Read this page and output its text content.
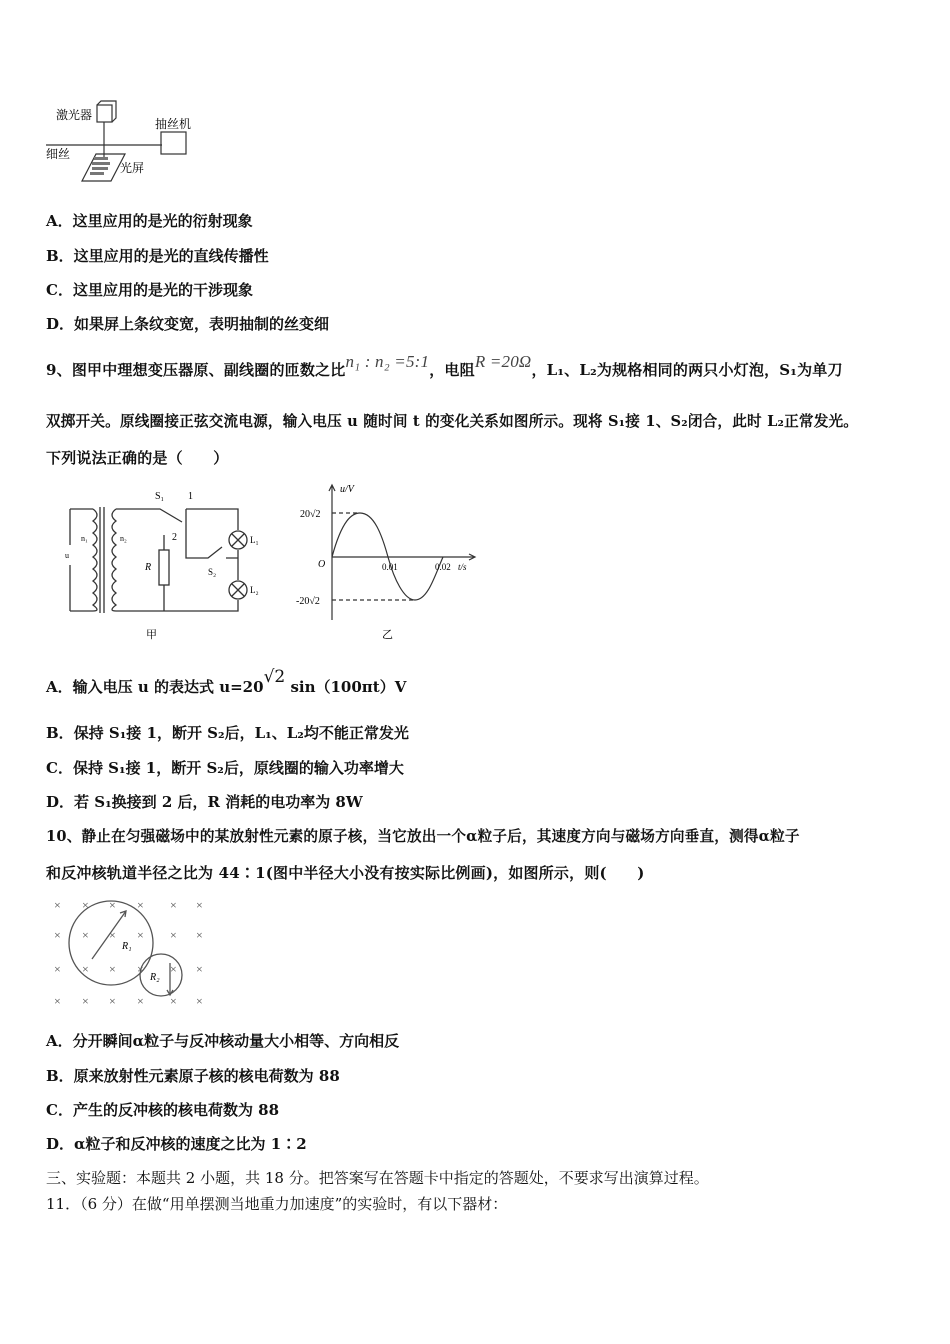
激光器
抽丝机
细丝
光屏
A．这里应用的是光的衍射现象
B．这里应用的是光的直线传播性
C．这里应用的是光的干涉现象
D．如果屏上条纹变宽，表明抽制的丝变细
9、图甲中理想变压器原、副线圈的匝数之比n₁ : n₂ =5:1，电阻R =20Ω，L₁、L₂为规格相同的两只小灯泡，S₁为单刀
双掷开关。原线圈接正弦交流电源，输入电压 u 随时间 t 的变化关系如图所示。现将 S₁接 1、S₂闭合，此时 L₂正常发光。
下列说法正确的是（　　）
S₁ 1
2
n₁	n₂
u
R	S₂
L₁
L₂
甲
u/V
20√2
-20√2
O	0.01	0.02 t/s
乙
A．输入电压 u 的表达式 u=20√2 sin（100πt）V
B．保持 S₁接 1，断开 S₂后，L₁、L₂均不能正常发光
C．保持 S₁接 1，断开 S₂后，原线圈的输入功率增大
D．若 S₁换接到 2 后，R 消耗的电功率为 8W
10、静止在匀强磁场中的某放射性元素的原子核，当它放出一个α粒子后，其速度方向与磁场方向垂直，测得α粒子
和反冲核轨道半径之比为 44∶1(图中半径大小没有按实际比例画)，如图所示，则(　　)
× × × × × ×
× × × × × ×
× × × × × ×
× × × × × ×
R₁
R₂
A．分开瞬间α粒子与反冲核动量大小相等、方向相反
B．原来放射性元素原子核的核电荷数为 88
C．产生的反冲核的核电荷数为 88
D．α粒子和反冲核的速度之比为 1∶2
三、实验题：本题共 2 小题，共 18 分。把答案写在答题卡中指定的答题处，不要求写出演算过程。
11．（6 分）在做“用单摆测当地重力加速度”的实验时，有以下器材：
